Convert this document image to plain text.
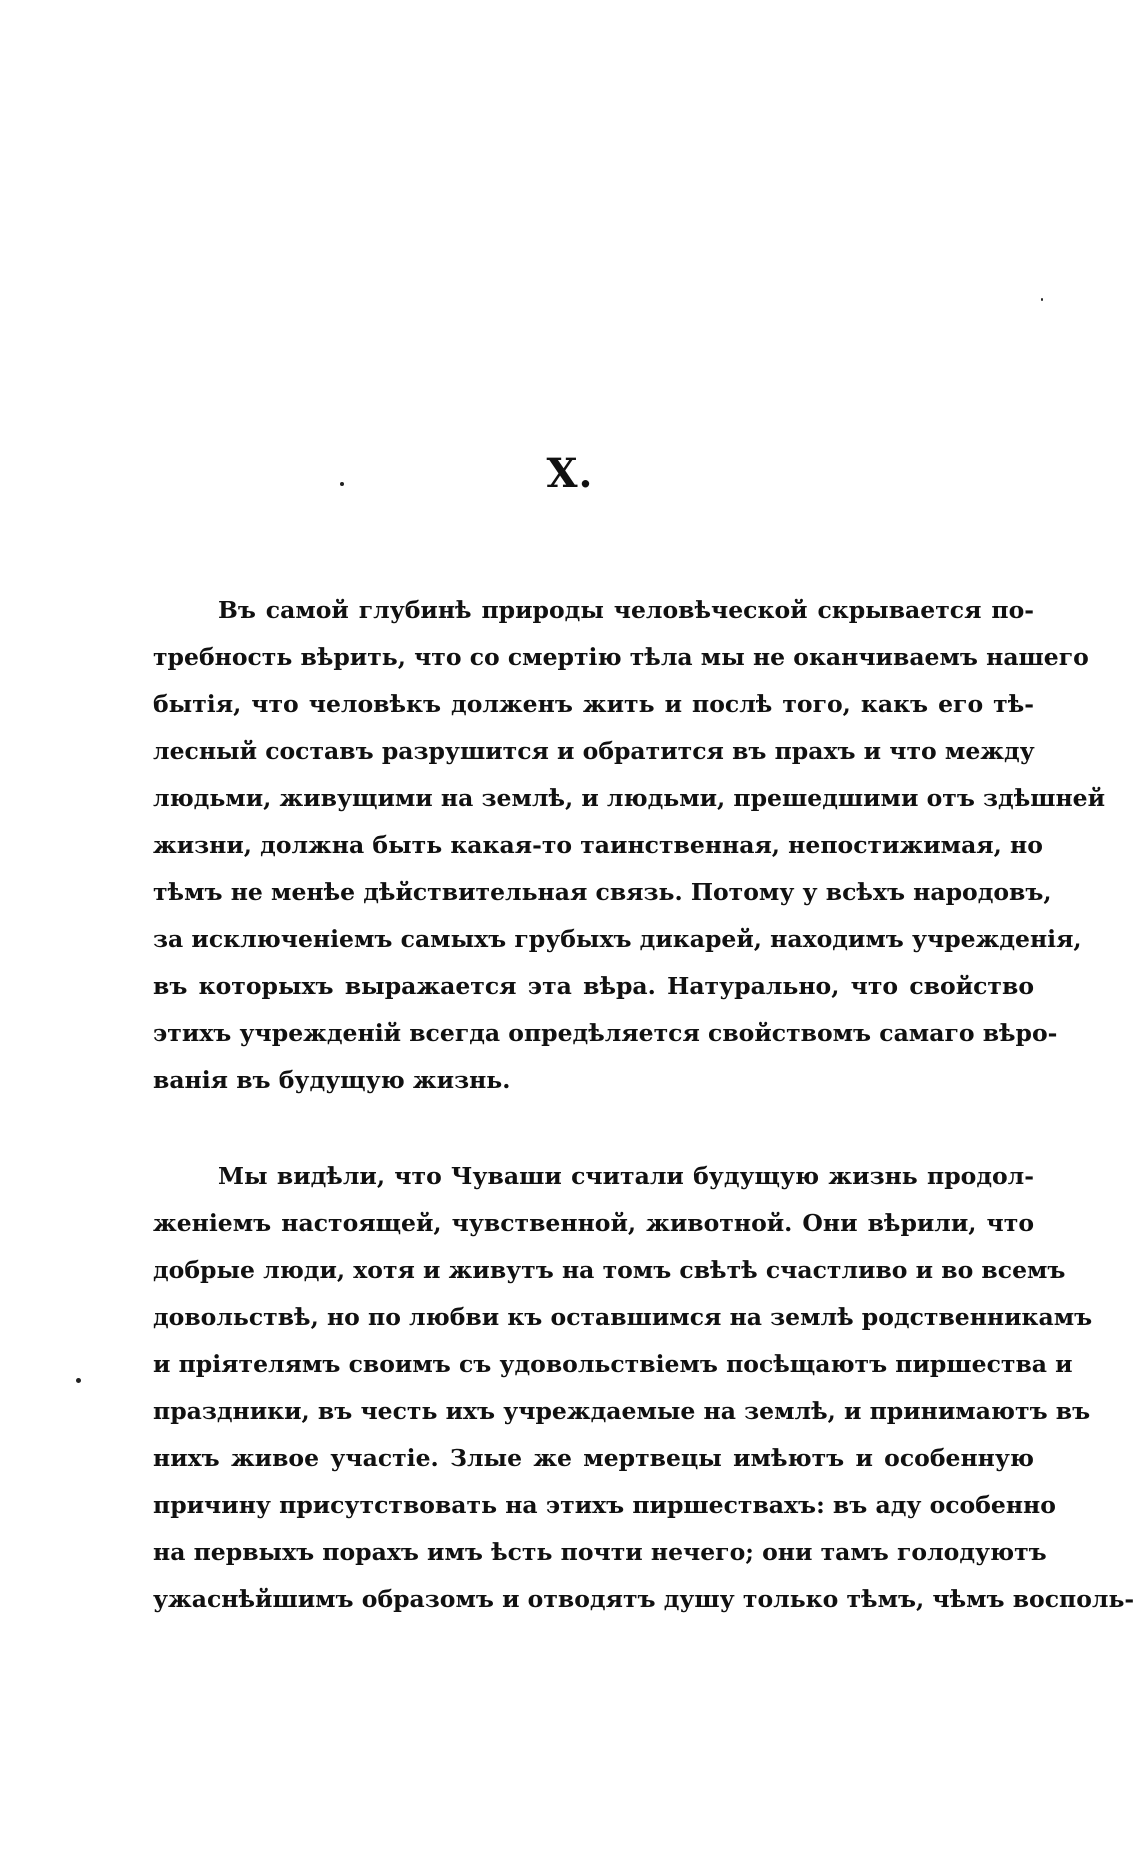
X.
Въ самой глубинѣ природы человѣческой скрывается по-
требность вѣрить, что со смертію тѣла мы не оканчиваемъ нашего
бытія, что человѣкъ долженъ жить и послѣ того, какъ его тѣ-
лесный составъ разрушится и обратится въ прахъ и что между
людьми, живущими на землѣ, и людьми, прешедшими отъ здѣшней
жизни, должна быть какая-то таинственная, непостижимая, но
тѣмъ не менѣе дѣйствительная связь. Потому у всѣхъ народовъ,
за исключеніемъ самыхъ грубыхъ дикарей, находимъ учрежденія,
въ которыхъ выражается эта вѣра. Натурально, что свойство
этихъ учрежденій всегда опредѣляется свойствомъ самаго вѣро-
ванія въ будущую жизнь.
Мы видѣли, что Чуваши считали будущую жизнь продол-
женіемъ настоящей, чувственной, животной. Они вѣрили, что
добрые люди, хотя и живутъ на томъ свѣтѣ счастливо и во всемъ
довольствѣ, но по любви къ оставшимся на землѣ родственникамъ
и пріятелямъ своимъ съ удовольствіемъ посѣщаютъ пиршества и
праздники, въ честь ихъ учреждаемые на землѣ, и принимаютъ въ
нихъ живое участіе. Злые же мертвецы имѣютъ и особенную
причину присутствовать на этихъ пиршествахъ: въ аду особенно
на первыхъ порахъ имъ ѣсть почти нечего; они тамъ голодуютъ
ужаснѣйшимъ образомъ и отводятъ душу только тѣмъ, чѣмъ восполь-
